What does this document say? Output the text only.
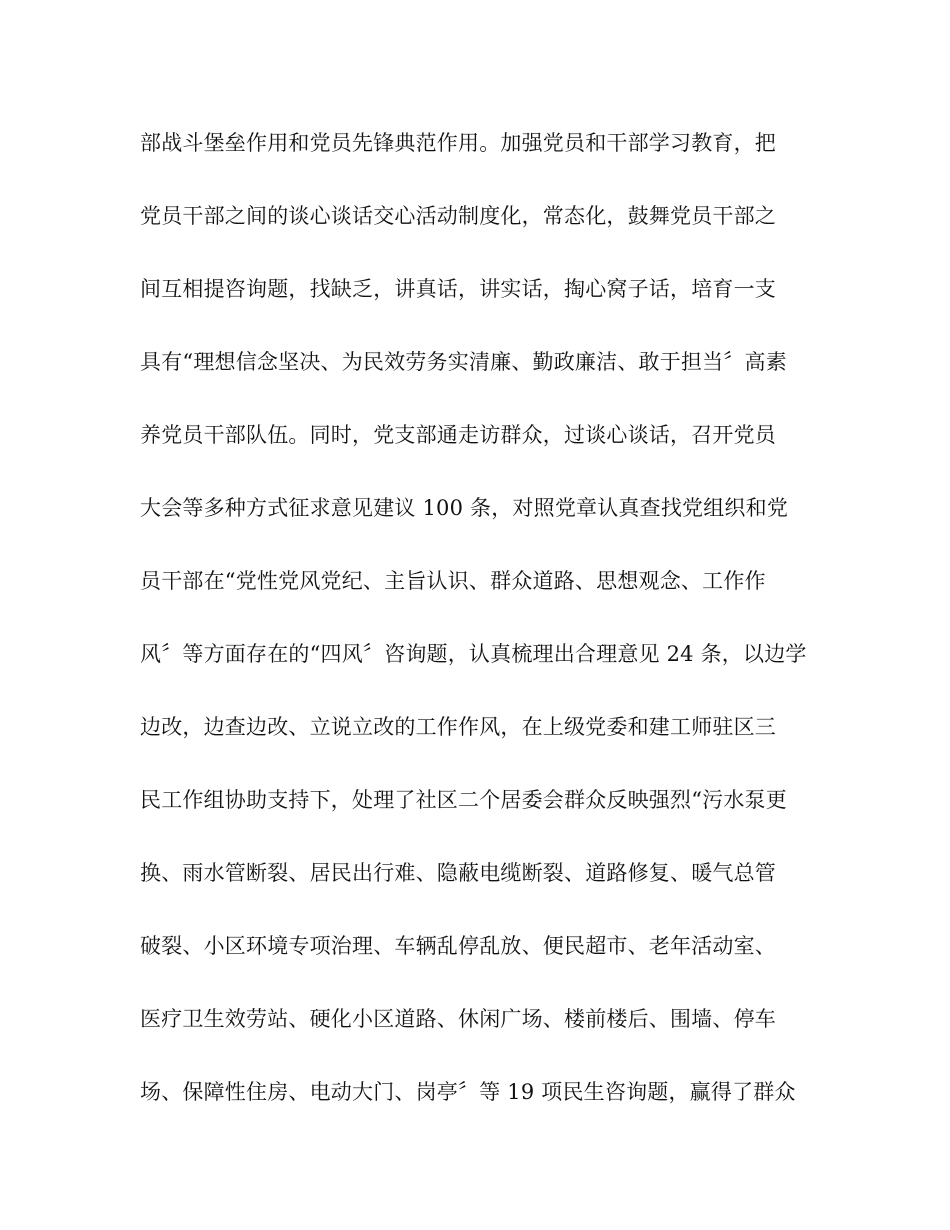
部战斗堡垒作用和党员先锋典范作用。加强党员和干部学习教育，把
党员干部之间的谈心谈话交心活动制度化，常态化，鼓舞党员干部之
间互相提咨询题，找缺乏，讲真话，讲实话，掏心窝子话，培育一支
具有“理想信念坚决、为民效劳务实清廉、勤政廉洁、敢于担当〞高素
养党员干部队伍。同时，党支部通走访群众，过谈心谈话，召开党员
大会等多种方式征求意见建议 100 条，对照党章认真查找党组织和党
员干部在“党性党风党纪、主旨认识、群众道路、思想观念、工作作
风〞等方面存在的“四风〞咨询题，认真梳理出合理意见 24 条，以边学
边改，边查边改、立说立改的工作作风，在上级党委和建工师驻区三
民工作组协助支持下，处理了社区二个居委会群众反映强烈“污水泵更
换、雨水管断裂、居民出行难、隐蔽电缆断裂、道路修复、暖气总管
破裂、小区环境专项治理、车辆乱停乱放、便民超市、老年活动室、
医疗卫生效劳站、硬化小区道路、休闲广场、楼前楼后、围墙、停车
场、保障性住房、电动大门、岗亭〞等 19 项民生咨询题，赢得了群众
